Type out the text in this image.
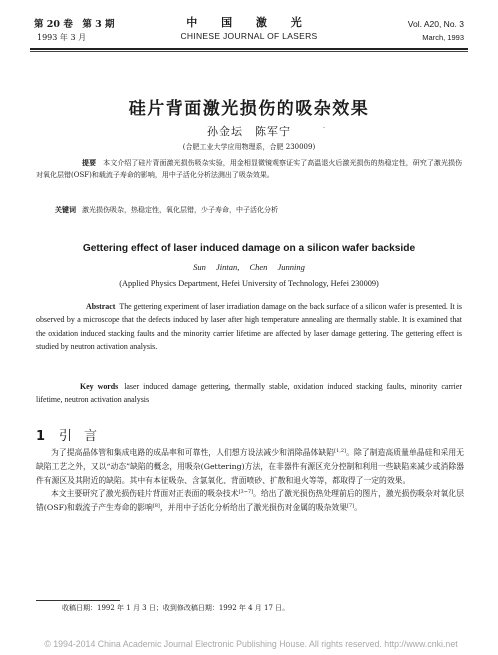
第 20 卷　第 3 期
1993 年 3 月
中 国 激 光
CHINESE JOURNAL OF LASERS
Vol. A20, No. 3
March, 1993
硅片背面激光损伤的吸杂效果
孙金坛　陈军宁	·
(合肥工业大学应用物理系，合肥 230009)
提要　 本文介绍了硅片背面激光损伤吸杂实验，用金相显微镜观察证实了高温退火后激光损伤的热稳定性，研究了激光损伤对氧化层错(OSF)和载流子寿命的影响，用中子活化分析法测出了吸杂效果。
关键词 激光损伤吸杂，热稳定性，氧化层错，少子寿命，中子活化分析
Gettering effect of laser induced damage on a silicon wafer backside
Sun Jintan, Chen Junning
(Applied Physics Department, Hefei University of Technology, Hefei 230009)
Abstract The gettering experiment of laser irradiation damage on the back surface of a silicon wafer is presented. It is observed by a microscope that the defects induced by laser after high temperature annealing are thermally stable. It is examined that the oxidation induced stacking faults and the minority carrier lifetime are affected by laser damage gettering. The gettering effect is studied by neutron activation analysis.
Key words laser induced damage gettering, thermally stable, oxidation induced stacking faults, minority carrier lifetime, neutron activation analysis
1 引言

为了提高晶体管和集成电路的成品率和可靠性，人们想方设法减少和消除晶体缺陷[1,2]。除了制造高质量单晶硅和采用无缺陷工艺之外，又以“动态”缺陷的概念，用吸杂(Gettering)方法，在非器件有源区充分控制和利用一些缺陷来减少或消除器件有源区及其附近的缺陷。其中有本征吸杂、含氯氧化、背面喷砂、扩散和退火等等，都取得了一定的效果。

本文主要研究了激光损伤硅片背面对正表面的吸杂技术[3~7]。给出了激光损伤热处理前后的图片，激光损伤吸杂对氧化层错(OSF)和载流子产生寿命的影响[8]，并用中子活化分析给出了激光损伤对金属的吸杂效果[7]。

收稿日期：1992 年 1 月 3 日；收到修改稿日期：1992 年 4 月 17 日。
© 1994-2014 China Academic Journal Electronic Publishing House. All rights reserved. http://www.cnki.net
